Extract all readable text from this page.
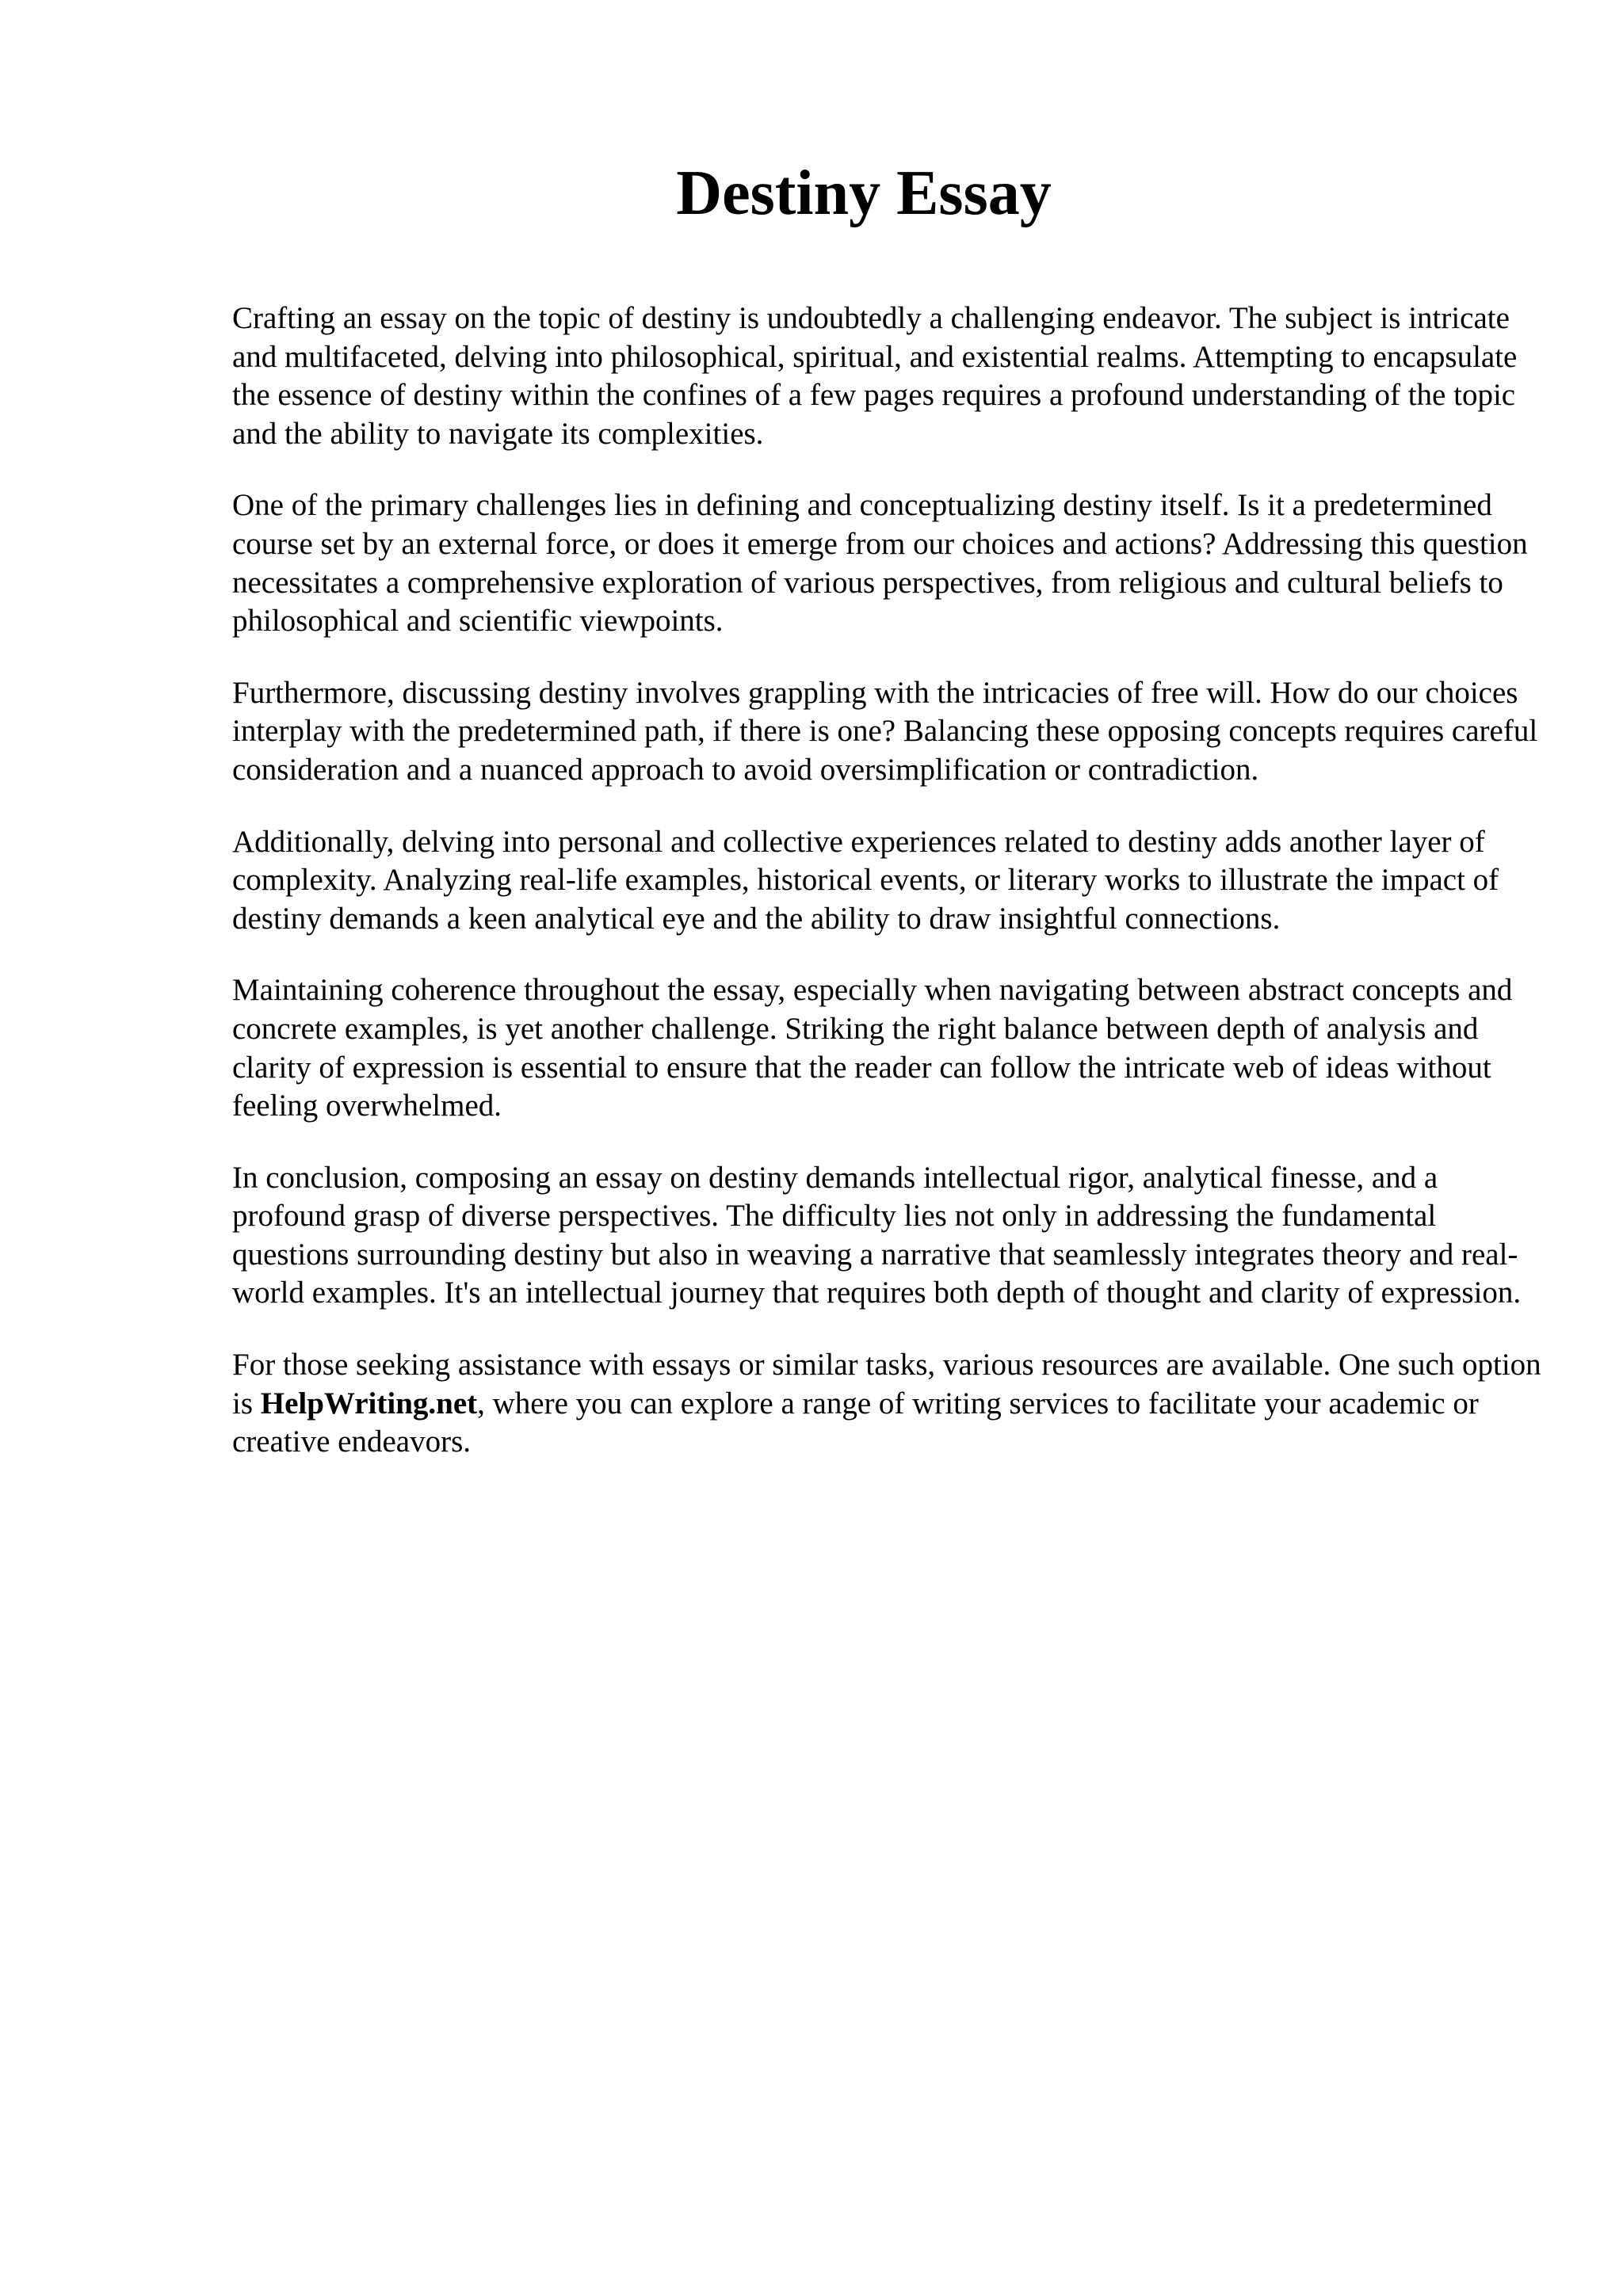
Destiny Essay

Crafting an essay on the topic of destiny is undoubtedly a challenging endeavor. The subject is intricate and multifaceted, delving into philosophical, spiritual, and existential realms. Attempting to encapsulate the essence of destiny within the confines of a few pages requires a profound understanding of the topic and the ability to navigate its complexities.

One of the primary challenges lies in defining and conceptualizing destiny itself. Is it a predetermined course set by an external force, or does it emerge from our choices and actions? Addressing this question necessitates a comprehensive exploration of various perspectives, from religious and cultural beliefs to philosophical and scientific viewpoints.

Furthermore, discussing destiny involves grappling with the intricacies of free will. How do our choices interplay with the predetermined path, if there is one? Balancing these opposing concepts requires careful consideration and a nuanced approach to avoid oversimplification or contradiction.

Additionally, delving into personal and collective experiences related to destiny adds another layer of complexity. Analyzing real-life examples, historical events, or literary works to illustrate the impact of destiny demands a keen analytical eye and the ability to draw insightful connections.

Maintaining coherence throughout the essay, especially when navigating between abstract concepts and concrete examples, is yet another challenge. Striking the right balance between depth of analysis and clarity of expression is essential to ensure that the reader can follow the intricate web of ideas without feeling overwhelmed.

In conclusion, composing an essay on destiny demands intellectual rigor, analytical finesse, and a profound grasp of diverse perspectives. The difficulty lies not only in addressing the fundamental questions surrounding destiny but also in weaving a narrative that seamlessly integrates theory and real-world examples. It's an intellectual journey that requires both depth of thought and clarity of expression.

For those seeking assistance with essays or similar tasks, various resources are available. One such option is HelpWriting.net, where you can explore a range of writing services to facilitate your academic or creative endeavors.
